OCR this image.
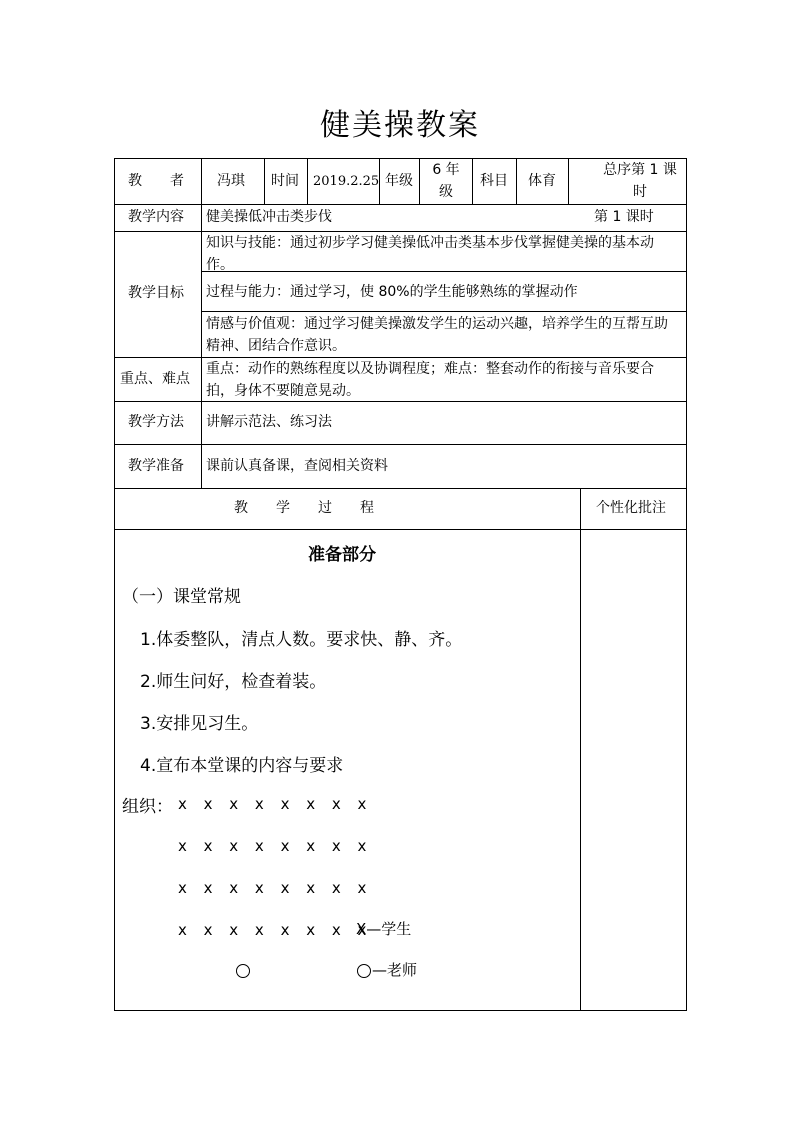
健美操教案
教　　者 冯琪 时间 2019.2.25 年级
6 年级
科目 体育
总序第 1 课时
教学内容 健美操低冲击类步伐	第 1 课时
教学目标
知识与技能：通过初步学习健美操低冲击类基本步伐掌握健美操的基本动作。
过程与能力：通过学习，使 80%的学生能够熟练的掌握动作
情感与价值观：通过学习健美操激发学生的运动兴趣，培养学生的互帮互助精神、团结合作意识。
重点、难点
重点：动作的熟练程度以及协调程度；难点：整套动作的衔接与音乐要合拍，身体不要随意晃动。
教学方法 讲解示范法、练习法
教学准备 课前认真备课，查阅相关资料
教　　学　　过　　程	个性化批注
准备部分
（一）课堂常规
1.体委整队，清点人数。要求快、静、齐。
2.师生问好，检查着装。
3.安排见习生。
4.宣布本堂课的内容与要求
组织： x x x x x x x x
x x x x x x x x
x x x x x x x x
x x x x x x x x
X—学生
—老师
